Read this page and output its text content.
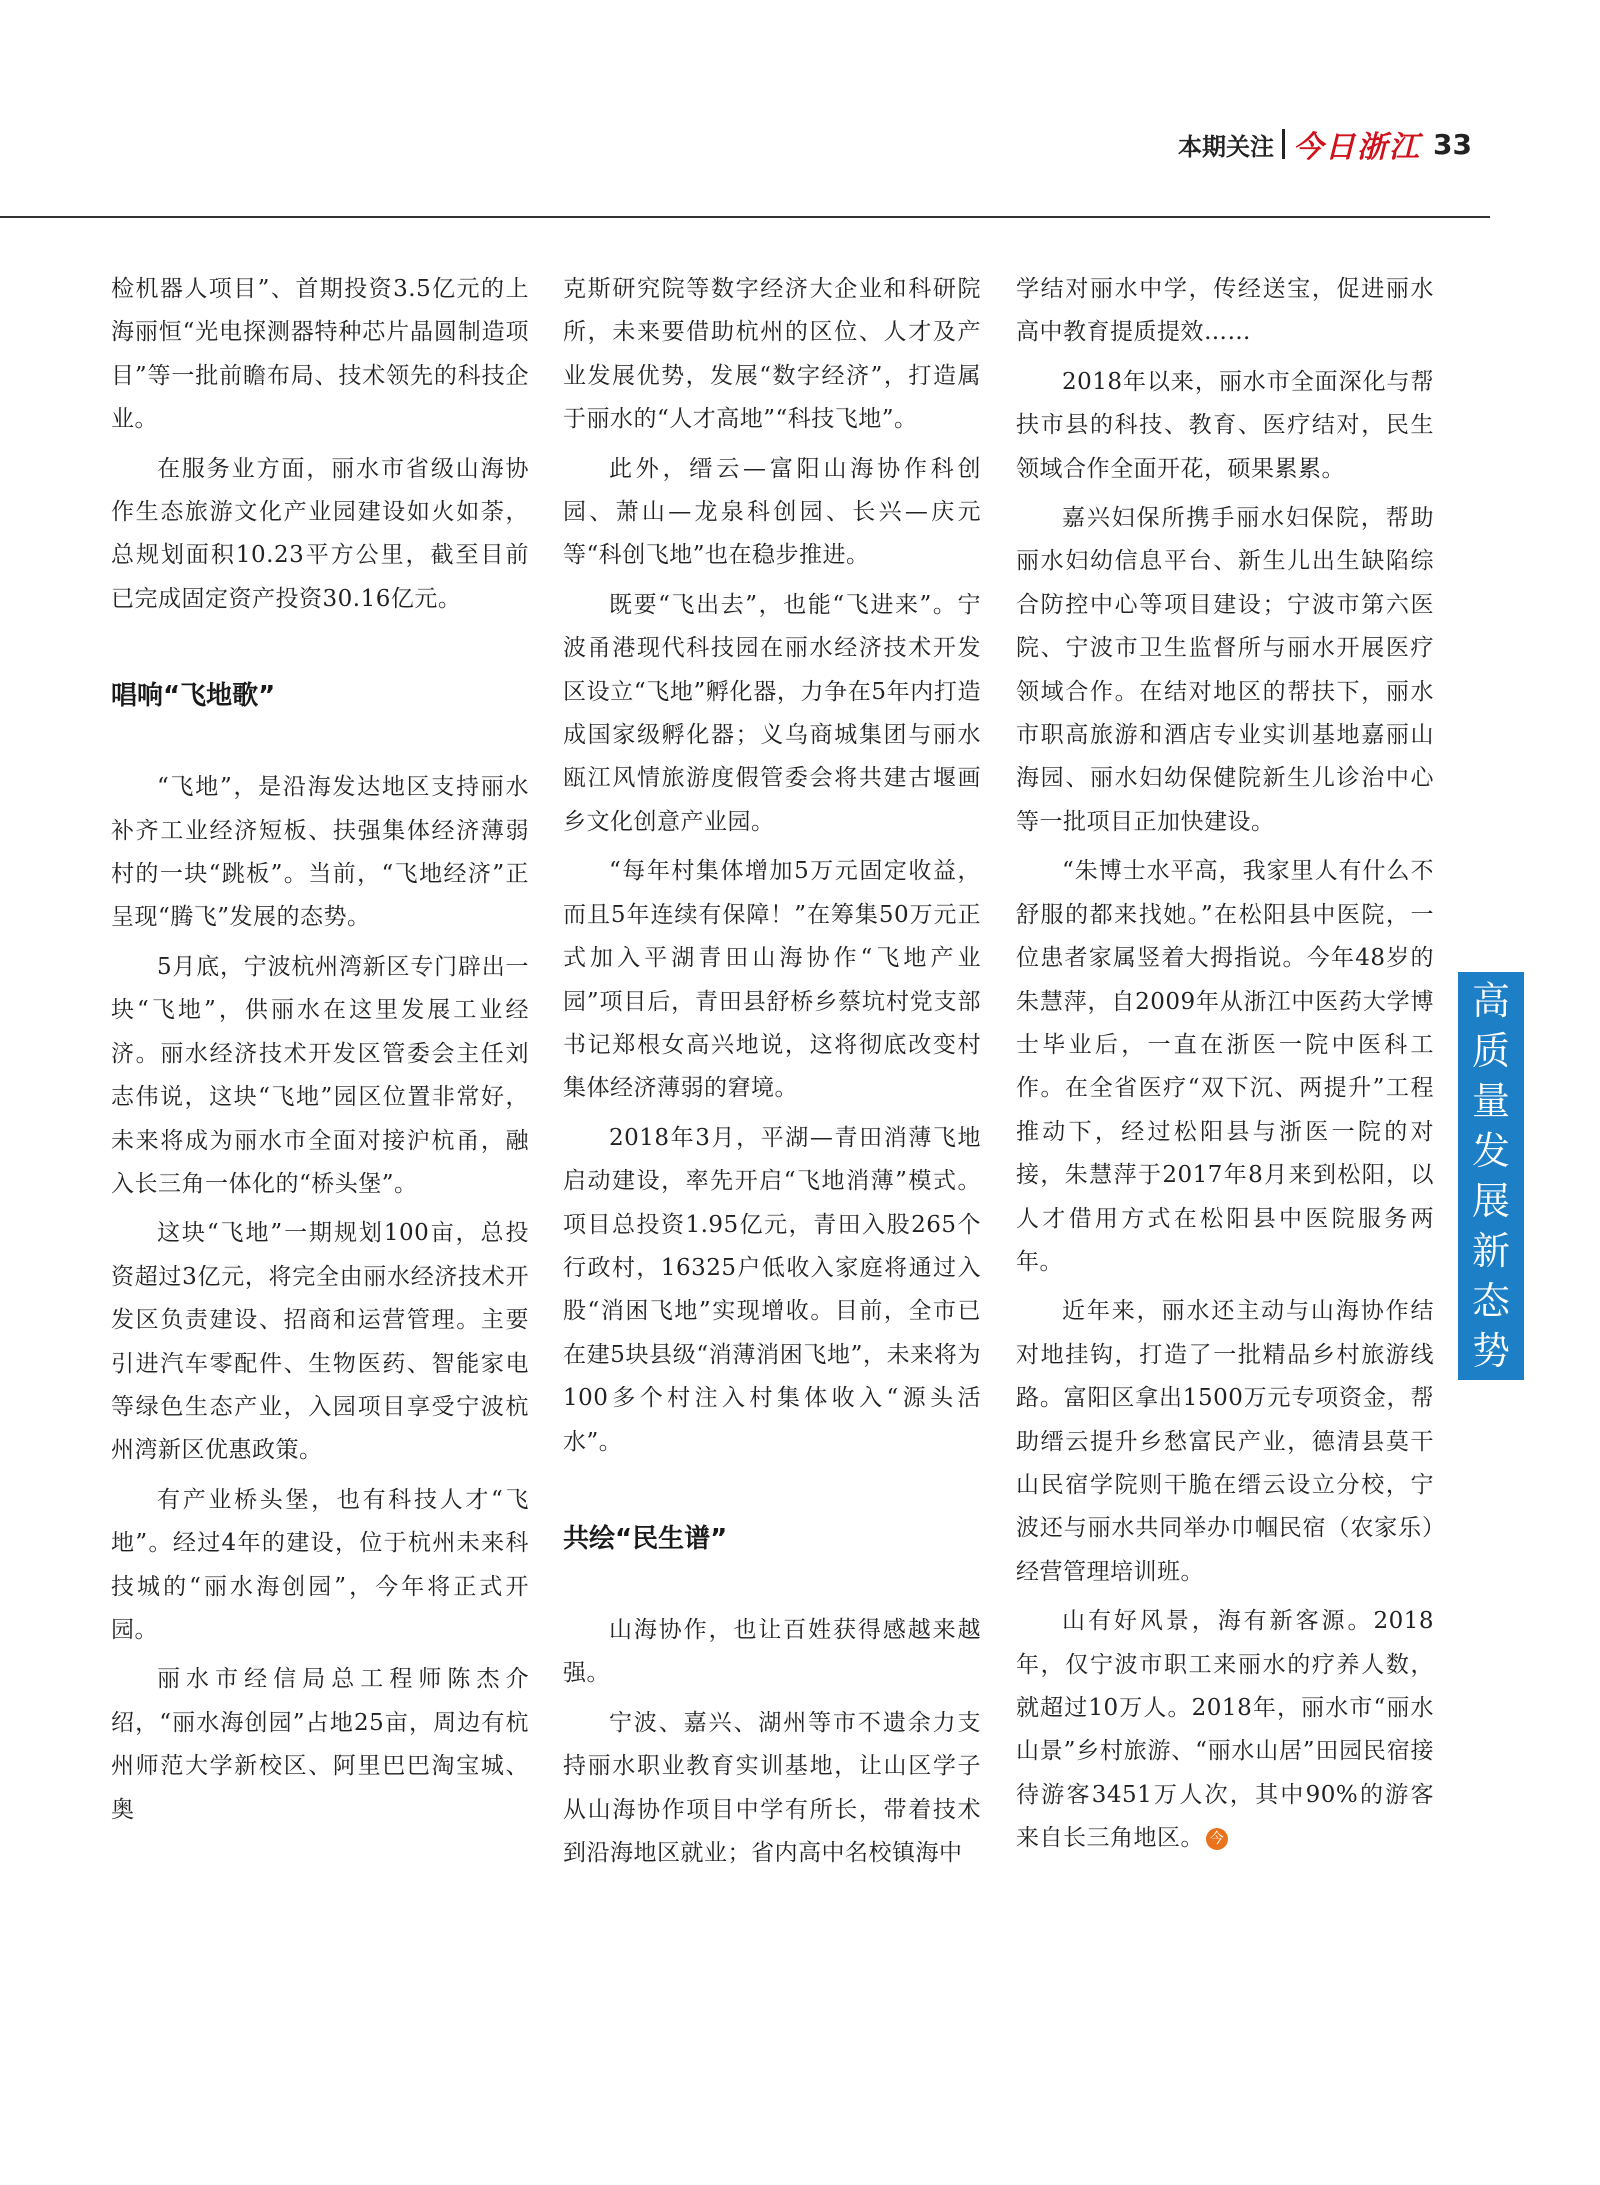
本期关注 今日浙江 33

检机器人项目”、首期投资3.5亿元的上海丽恒“光电探测器特种芯片晶圆制造项目”等一批前瞻布局、技术领先的科技企业。

在服务业方面，丽水市省级山海协作生态旅游文化产业园建设如火如荼，总规划面积10.23平方公里，截至目前已完成固定资产投资30.16亿元。

唱响“飞地歌”

“飞地”，是沿海发达地区支持丽水补齐工业经济短板、扶强集体经济薄弱村的一块“跳板”。当前，“飞地经济”正呈现“腾飞”发展的态势。

5月底，宁波杭州湾新区专门辟出一块“飞地”，供丽水在这里发展工业经济。丽水经济技术开发区管委会主任刘志伟说，这块“飞地”园区位置非常好，未来将成为丽水市全面对接沪杭甬，融入长三角一体化的“桥头堡”。

这块“飞地”一期规划100亩，总投资超过3亿元，将完全由丽水经济技术开发区负责建设、招商和运营管理。主要引进汽车零配件、生物医药、智能家电等绿色生态产业，入园项目享受宁波杭州湾新区优惠政策。

有产业桥头堡，也有科技人才“飞地”。经过4年的建设，位于杭州未来科技城的“丽水海创园”，今年将正式开园。

丽水市经信局总工程师陈杰介绍，“丽水海创园”占地25亩，周边有杭州师范大学新校区、阿里巴巴淘宝城、奥

克斯研究院等数字经济大企业和科研院所，未来要借助杭州的区位、人才及产业发展优势，发展“数字经济”，打造属于丽水的“人才高地”“科技飞地”。

此外，缙云—富阳山海协作科创园、萧山—龙泉科创园、长兴—庆元等“科创飞地”也在稳步推进。

既要“飞出去”，也能“飞进来”。宁波甬港现代科技园在丽水经济技术开发区设立“飞地”孵化器，力争在5年内打造成国家级孵化器；义乌商城集团与丽水瓯江风情旅游度假管委会将共建古堰画乡文化创意产业园。

“每年村集体增加5万元固定收益，而且5年连续有保障！”在筹集50万元正式加入平湖青田山海协作“飞地产业园”项目后，青田县舒桥乡蔡坑村党支部书记郑根女高兴地说，这将彻底改变村集体经济薄弱的窘境。

2018年3月，平湖—青田消薄飞地启动建设，率先开启“飞地消薄”模式。项目总投资1.95亿元，青田入股265个行政村，16325户低收入家庭将通过入股“消困飞地”实现增收。目前，全市已在建5块县级“消薄消困飞地”，未来将为100多个村注入村集体收入“源头活水”。

共绘“民生谱”

山海协作，也让百姓获得感越来越强。

宁波、嘉兴、湖州等市不遗余力支持丽水职业教育实训基地，让山区学子从山海协作项目中学有所长，带着技术到沿海地区就业；省内高中名校镇海中

学结对丽水中学，传经送宝，促进丽水高中教育提质提效……

2018年以来，丽水市全面深化与帮扶市县的科技、教育、医疗结对，民生领域合作全面开花，硕果累累。

嘉兴妇保所携手丽水妇保院，帮助丽水妇幼信息平台、新生儿出生缺陷综合防控中心等项目建设；宁波市第六医院、宁波市卫生监督所与丽水开展医疗领域合作。在结对地区的帮扶下，丽水市职高旅游和酒店专业实训基地嘉丽山海园、丽水妇幼保健院新生儿诊治中心等一批项目正加快建设。

“朱博士水平高，我家里人有什么不舒服的都来找她。”在松阳县中医院，一位患者家属竖着大拇指说。今年48岁的朱慧萍，自2009年从浙江中医药大学博士毕业后，一直在浙医一院中医科工作。在全省医疗“双下沉、两提升”工程推动下，经过松阳县与浙医一院的对接，朱慧萍于2017年8月来到松阳，以人才借用方式在松阳县中医院服务两年。

近年来，丽水还主动与山海协作结对地挂钩，打造了一批精品乡村旅游线路。富阳区拿出1500万元专项资金，帮助缙云提升乡愁富民产业，德清县莫干山民宿学院则干脆在缙云设立分校，宁波还与丽水共同举办巾帼民宿（农家乐）经营管理培训班。

山有好风景，海有新客源。2018年，仅宁波市职工来丽水的疗养人数，就超过10万人。2018年，丽水市“丽水山景”乡村旅游、“丽水山居”田园民宿接待游客3451万人次，其中90%的游客来自长三角地区。 今

高
质
量
发
展
新
态
势
